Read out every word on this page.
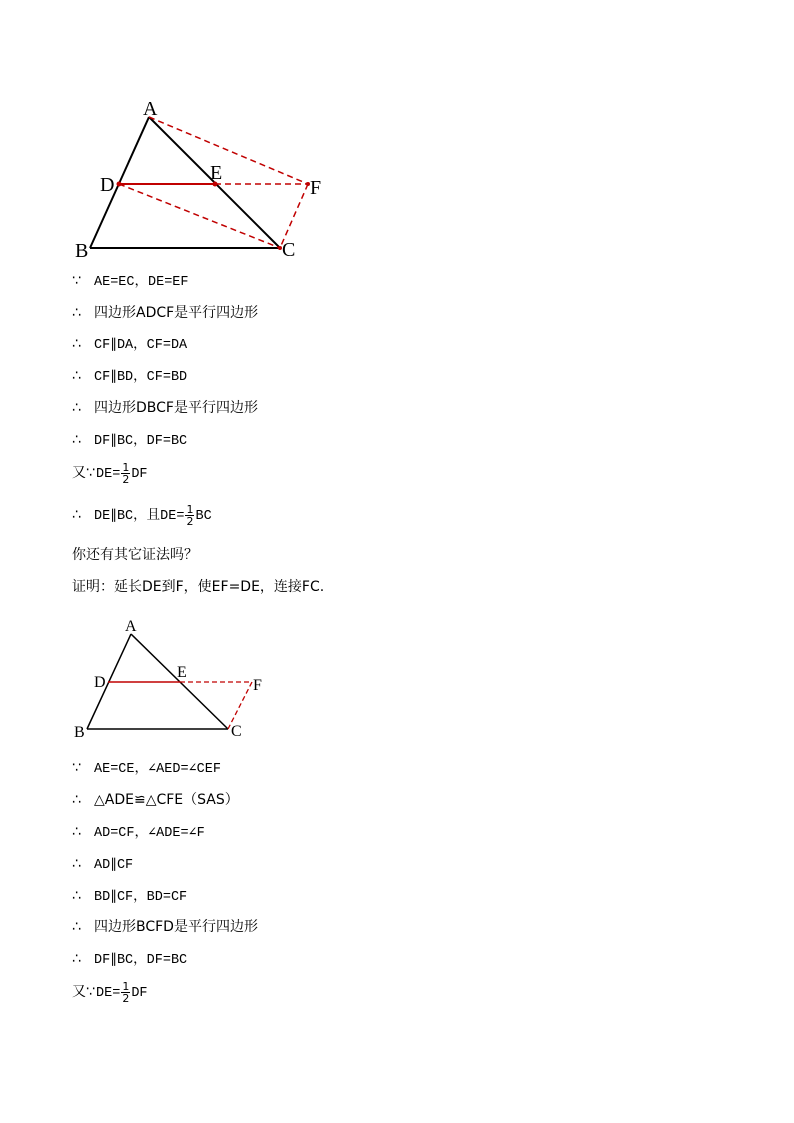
A
D
E
F
B	C
∵ AE=EC，DE=EF
∴ 四边形ADCF是平行四边形
∴ CF∥DA，CF=DA
∴ CF∥BD，CF=BD
∴ 四边形DBCF是平行四边形
∴ DF∥BC，DF=BC
又∵DE= $\frac{1}{2}$ DF
∴ DE∥BC，且$DE= \frac{1}{2}$ BC
你还有其它证法吗？
证明：延长DE到F，使EF=DE，连接FC.
A
D
E
F
B	C
∵ AE=CE，∠AED=∠CEF
∴ △ADE≌△CFE（SAS）
∴ AD=CF，∠ADE=∠F
∴ AD∥CF
∴ BD∥CF，BD=CF
∴ 四边形BCFD是平行四边形
∴ DF∥BC，DF=BC
又∵DE= $\frac{1}{2}$ DF
